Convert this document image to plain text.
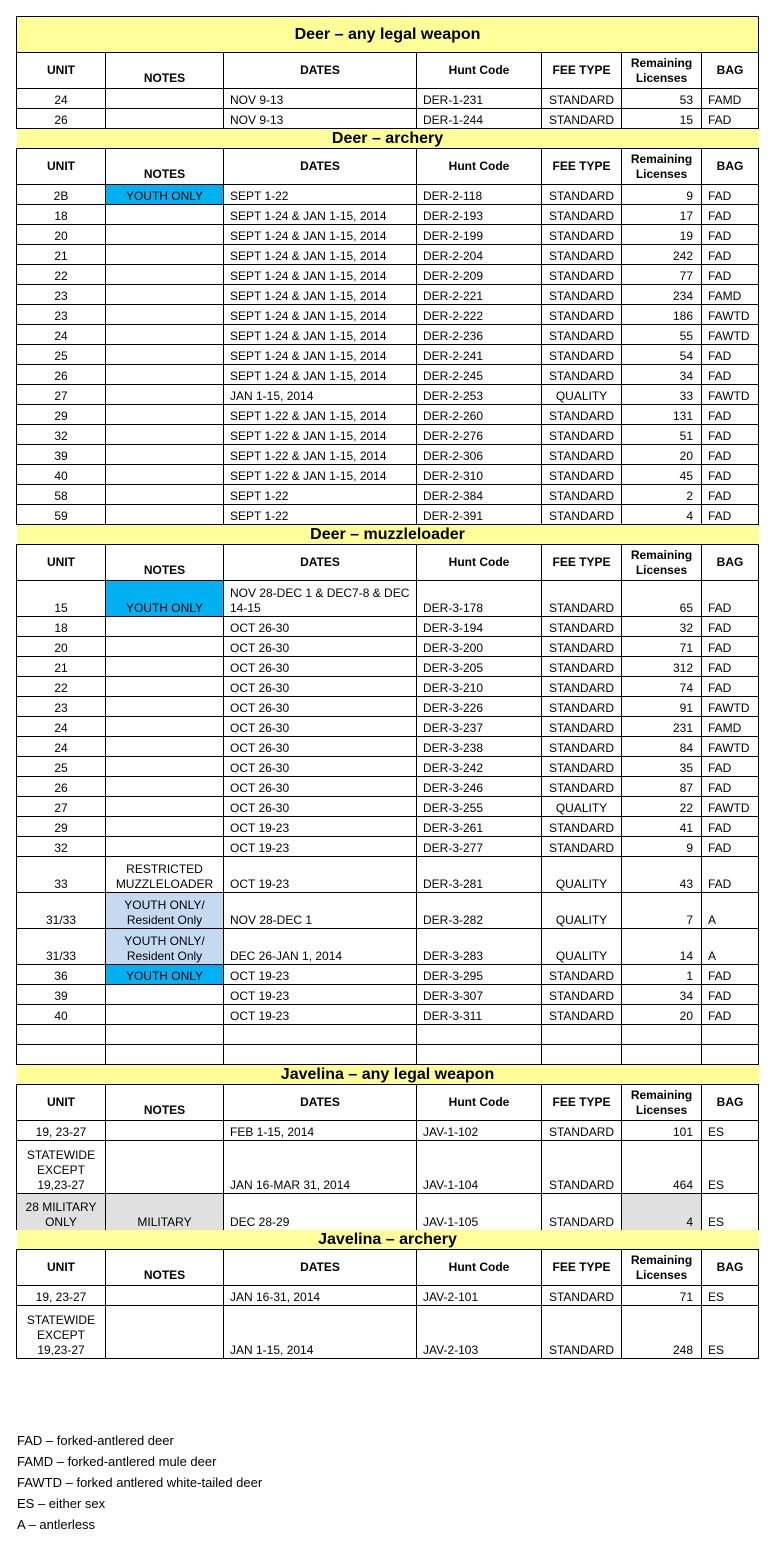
Deer – any legal weapon						
UNIT	NOTES	DATES	Hunt Code	FEE TYPE	Remaining Licenses	BAG
24		NOV 9-13	DER-1-231	STANDARD	53	FAMD
26		NOV 9-13	DER-1-244	STANDARD	15	FAD
Deer – archery						
UNIT	NOTES	DATES	Hunt Code	FEE TYPE	Remaining Licenses	BAG
2B	YOUTH ONLY	SEPT 1-22	DER-2-118	STANDARD	9	FAD
18		SEPT 1-24 & JAN 1-15, 2014	DER-2-193	STANDARD	17	FAD
20		SEPT 1-24 & JAN 1-15, 2014	DER-2-199	STANDARD	19	FAD
21		SEPT 1-24 & JAN 1-15, 2014	DER-2-204	STANDARD	242	FAD
22		SEPT 1-24 & JAN 1-15, 2014	DER-2-209	STANDARD	77	FAD
23		SEPT 1-24 & JAN 1-15, 2014	DER-2-221	STANDARD	234	FAMD
23		SEPT 1-24 & JAN 1-15, 2014	DER-2-222	STANDARD	186	FAWTD
24		SEPT 1-24 & JAN 1-15, 2014	DER-2-236	STANDARD	55	FAWTD
25		SEPT 1-24 & JAN 1-15, 2014	DER-2-241	STANDARD	54	FAD
26		SEPT 1-24 & JAN 1-15, 2014	DER-2-245	STANDARD	34	FAD
27		JAN 1-15, 2014	DER-2-253	QUALITY	33	FAWTD
29		SEPT 1-22 & JAN 1-15, 2014	DER-2-260	STANDARD	131	FAD
32		SEPT 1-22 & JAN 1-15, 2014	DER-2-276	STANDARD	51	FAD
39		SEPT 1-22 & JAN 1-15, 2014	DER-2-306	STANDARD	20	FAD
40		SEPT 1-22 & JAN 1-15, 2014	DER-2-310	STANDARD	45	FAD
58		SEPT 1-22	DER-2-384	STANDARD	2	FAD
59		SEPT 1-22	DER-2-391	STANDARD	4	FAD
Deer – muzzleloader						
UNIT	NOTES	DATES	Hunt Code	FEE TYPE	Remaining Licenses	BAG
15	YOUTH ONLY	NOV 28-DEC 1 & DEC7-8 & DEC 14-15	DER-3-178	STANDARD	65	FAD
18		OCT 26-30	DER-3-194	STANDARD	32	FAD
20		OCT 26-30	DER-3-200	STANDARD	71	FAD
21		OCT 26-30	DER-3-205	STANDARD	312	FAD
22		OCT 26-30	DER-3-210	STANDARD	74	FAD
23		OCT 26-30	DER-3-226	STANDARD	91	FAWTD
24		OCT 26-30	DER-3-237	STANDARD	231	FAMD
24		OCT 26-30	DER-3-238	STANDARD	84	FAWTD
25		OCT 26-30	DER-3-242	STANDARD	35	FAD
26		OCT 26-30	DER-3-246	STANDARD	87	FAD
27		OCT 26-30	DER-3-255	QUALITY	22	FAWTD
29		OCT 19-23	DER-3-261	STANDARD	41	FAD
32		OCT 19-23	DER-3-277	STANDARD	9	FAD
33	RESTRICTED MUZZLELOADER	OCT 19-23	DER-3-281	QUALITY	43	FAD
31/33	YOUTH ONLY/ Resident Only	NOV 28-DEC 1	DER-3-282	QUALITY	7	A
31/33	YOUTH ONLY/ Resident Only	DEC 26-JAN 1, 2014	DER-3-283	QUALITY	14	A
36	YOUTH ONLY	OCT 19-23	DER-3-295	STANDARD	1	FAD
39		OCT 19-23	DER-3-307	STANDARD	34	FAD
40		OCT 19-23	DER-3-311	STANDARD	20	FAD

Javelina – any legal weapon						
UNIT	NOTES	DATES	Hunt Code	FEE TYPE	Remaining Licenses	BAG
19, 23-27		FEB 1-15, 2014	JAV-1-102	STANDARD	101	ES
STATEWIDE EXCEPT 19,23-27		JAN 16-MAR 31, 2014	JAV-1-104	STANDARD	464	ES
28 MILITARY ONLY	MILITARY	DEC 28-29	JAV-1-105	STANDARD	4	ES
Javelina – archery						
UNIT	NOTES	DATES	Hunt Code	FEE TYPE	Remaining Licenses	BAG
19, 23-27		JAN 16-31, 2014	JAV-2-101	STANDARD	71	ES
STATEWIDE EXCEPT 19,23-27		JAN 1-15, 2014	JAV-2-103	STANDARD	248	ES
FAD – forked-antlered deer
FAMD – forked-antlered mule deer
FAWTD – forked antlered white-tailed deer
ES – either sex
A – antlerless
